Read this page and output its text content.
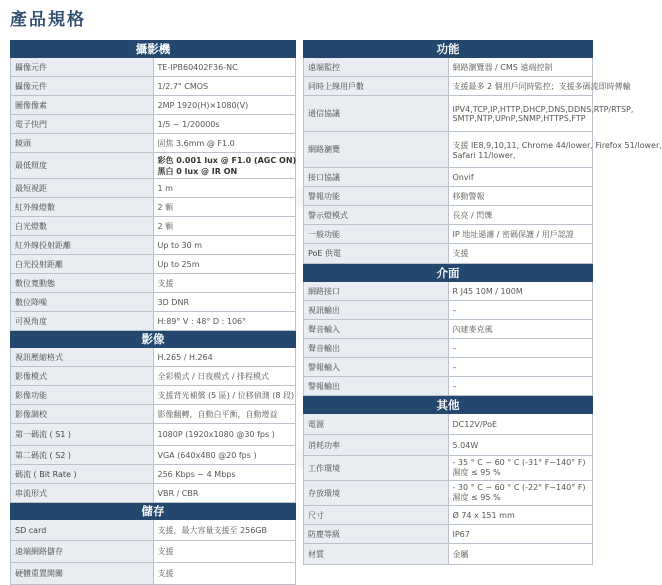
產品規格
攝影機	
攝像元件	TE-IPB60402F36-NC

攝像元件	1/2.7" CMOS

圖像像素	2MP 1920(H)×1080(V)

電子快門	1/5 ~ 1/20000s

鏡頭	固焦 3.6mm @ F1.0

最低照度	彩色 0.001 lux @ F1.0 (AGC ON)
黑白 0 lux @ IR ON

最短視距	1 m

紅外線燈數	2 顆

白光燈數	2 顆

紅外線投射距離	Up to 30 m

白光投射距離	Up to 25m

數位寬動態	支援

數位降噪	3D DNR

可視角度	H:89° V : 48° D : 106°

影像	
視訊壓縮格式	H.265 / H.264

影像模式	全彩模式 / 日夜模式 / 排程模式

影像功能	支援背光補償 (5 區) / 位移偵測 (8 段)

影像調校	影像翻轉，自動白平衡，自動增益

第一碼流 ( S1 )	1080P (1920x1080 @30 fps )

第二碼流 ( S2 )	VGA (640x480 @20 fps )

碼流 ( Bit Rate )	256 Kbps ~ 4 Mbps

串流形式	VBR / CBR

儲存	
SD card	支援，最大容量支援至 256GB

遠端網路儲存	支援

硬體重置開關	支援
功能	
遠端監控	網路瀏覽器 / CMS 遠端控制

同時上線用戶數	支援最多 2 個用戶同時監控；支援多碼流即時傳輸

通信協議	IPV4,TCP,IP,HTTP,DHCP,DNS,DDNS,RTP/RTSP,
SMTP,NTP,UPnP,SNMP,HTTPS,FTP

網路瀏覽	支援 IE8,9,10,11, Chrome 44/lower, Firefox 51/lower,
Safari 11/lower,

接口協議	Onvif

警報功能	移動警報

警示燈模式	長亮 / 閃爍

一般功能	IP 地址過濾 / 密碼保護 / 用戶認證

PoE 供電	支援

介面	
網路接口	R J45 10M / 100M

視訊輸出	–

聲音輸入	內建麥克風

聲音輸出	–

警報輸入	–

警報輸出	–

其他	
電源	DC12V/PoE

消耗功率	5.04W

工作環境	- 35 ° C ~ 60 ° C (-31° F~140° F)
濕度 ≤ 95 %

存放環境	- 30 ° C ~ 60 ° C (-22° F~140° F)
濕度 ≤ 95 %

尺寸	Ø 74 x 151 mm

防塵等級	IP67

材質	金屬
